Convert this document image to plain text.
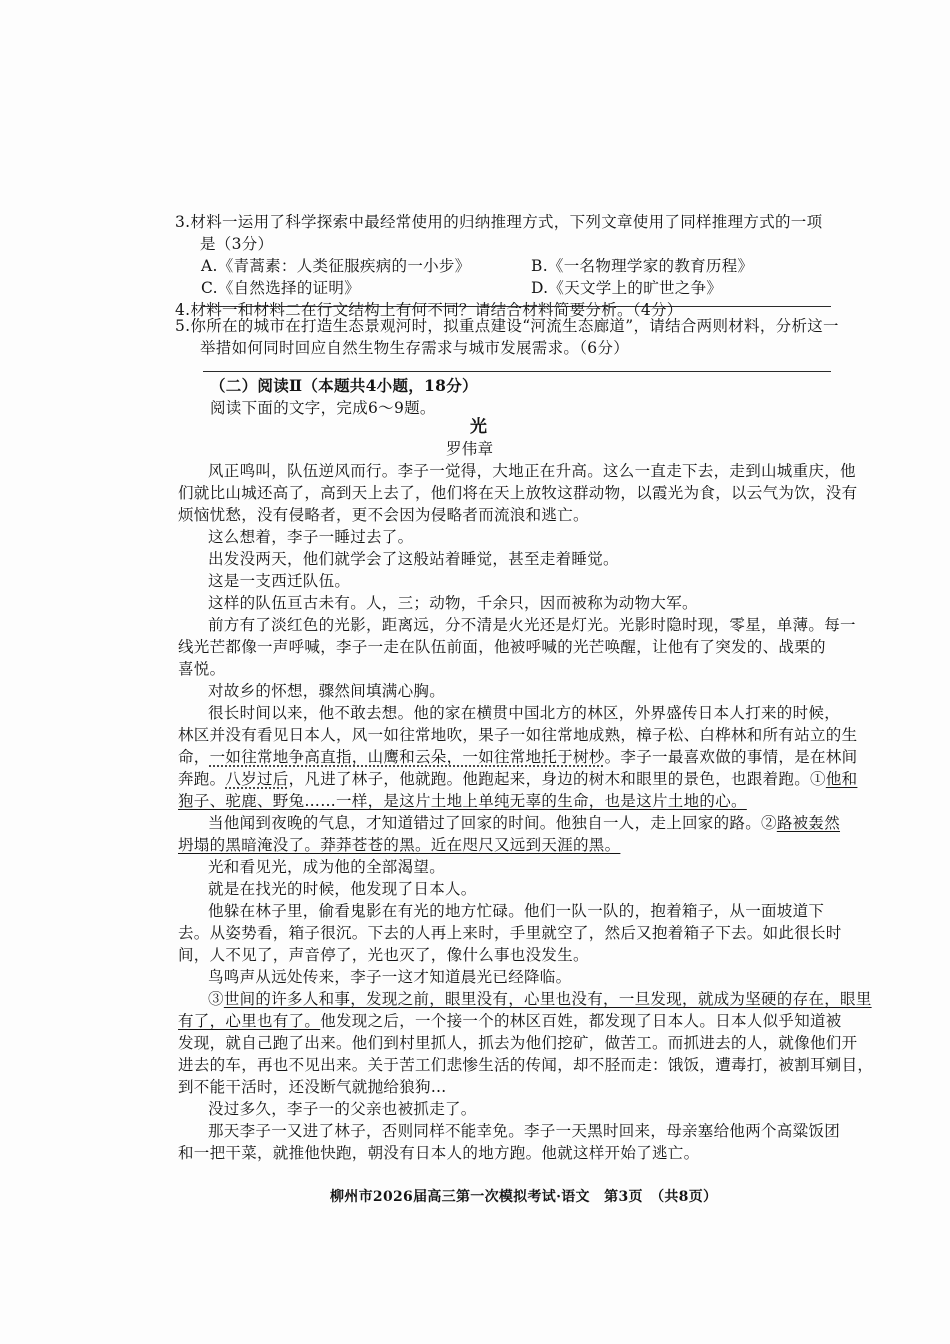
3.材料一运用了科学探索中最经常使用的归纳推理方式，下列文章使用了同样推理方式的一项
是（3分）
A.《青蒿素：人类征服疾病的一小步》	B.《一名物理学家的教育历程》
C.《自然选择的证明》	D.《天文学上的旷世之争》
4.材料一和材料二在行文结构上有何不同？请结合材料简要分析。（4分）
5.你所在的城市在打造生态景观河时，拟重点建设“河流生态廊道”，请结合两则材料，分析这一
举措如何同时回应自然生物生存需求与城市发展需求。（6分）
（二）阅读Ⅱ（本题共4小题，18分）
阅读下面的文字，完成6～9题。
光
罗伟章
风正鸣叫，队伍逆风而行。李子一觉得，大地正在升高。这么一直走下去，走到山城重庆，他
们就比山城还高了，高到天上去了，他们将在天上放牧这群动物，以霞光为食，以云气为饮，没有
烦恼忧愁，没有侵略者，更不会因为侵略者而流浪和逃亡。
这么想着，李子一睡过去了。
出发没两天，他们就学会了这般站着睡觉，甚至走着睡觉。
这是一支西迁队伍。
这样的队伍亘古未有。人，三；动物，千余只，因而被称为动物大军。
前方有了淡红色的光影，距离远，分不清是火光还是灯光。光影时隐时现，零星，单薄。每一
线光芒都像一声呼喊，李子一走在队伍前面，他被呼喊的光芒唤醒，让他有了突发的、战栗的
喜悦。
对故乡的怀想，骤然间填满心胸。
很长时间以来，他不敢去想。他的家在横贯中国北方的林区，外界盛传日本人打来的时候，
林区并没有看见日本人，风一如往常地吹，果子一如往常地成熟，樟子松、白桦林和所有站立的生
命，一如往常地争高直指，山鹰和云朵，一如往常地托于树杪。李子一最喜欢做的事情，是在林间
奔跑。八岁过后，凡进了林子，他就跑。他跑起来，身边的树木和眼里的景色，也跟着跑。①他和
狍子、驼鹿、野兔……一样，是这片土地上单纯无辜的生命，也是这片土地的心。
当他闻到夜晚的气息，才知道错过了回家的时间。他独自一人，走上回家的路。②路被轰然
坍塌的黑暗淹没了。莽莽苍苍的黑。近在咫尺又远到天涯的黑。
光和看见光，成为他的全部渴望。
就是在找光的时候，他发现了日本人。
他躲在林子里，偷看鬼影在有光的地方忙碌。他们一队一队的，抱着箱子，从一面坡道下
去。从姿势看，箱子很沉。下去的人再上来时，手里就空了，然后又抱着箱子下去。如此很长时
间，人不见了，声音停了，光也灭了，像什么事也没发生。
鸟鸣声从远处传来，李子一这才知道晨光已经降临。
③世间的许多人和事，发现之前，眼里没有，心里也没有，一旦发现，就成为坚硬的存在，眼里
有了，心里也有了。他发现之后，一个接一个的林区百姓，都发现了日本人。日本人似乎知道被
发现，就自己跑了出来。他们到村里抓人，抓去为他们挖矿，做苦工。而抓进去的人，就像他们开
进去的车，再也不见出来。关于苦工们悲惨生活的传闻，却不胫而走：饿饭，遭毒打，被割耳剜目，
到不能干活时，还没断气就抛给狼狗…
没过多久，李子一的父亲也被抓走了。
那天李子一又进了林子，否则同样不能幸免。李子一天黑时回来，母亲塞给他两个高粱饭团
和一把干菜，就推他快跑，朝没有日本人的地方跑。他就这样开始了逃亡。
柳州市2026届高三第一次模拟考试·语文　第3页　（共8页）
